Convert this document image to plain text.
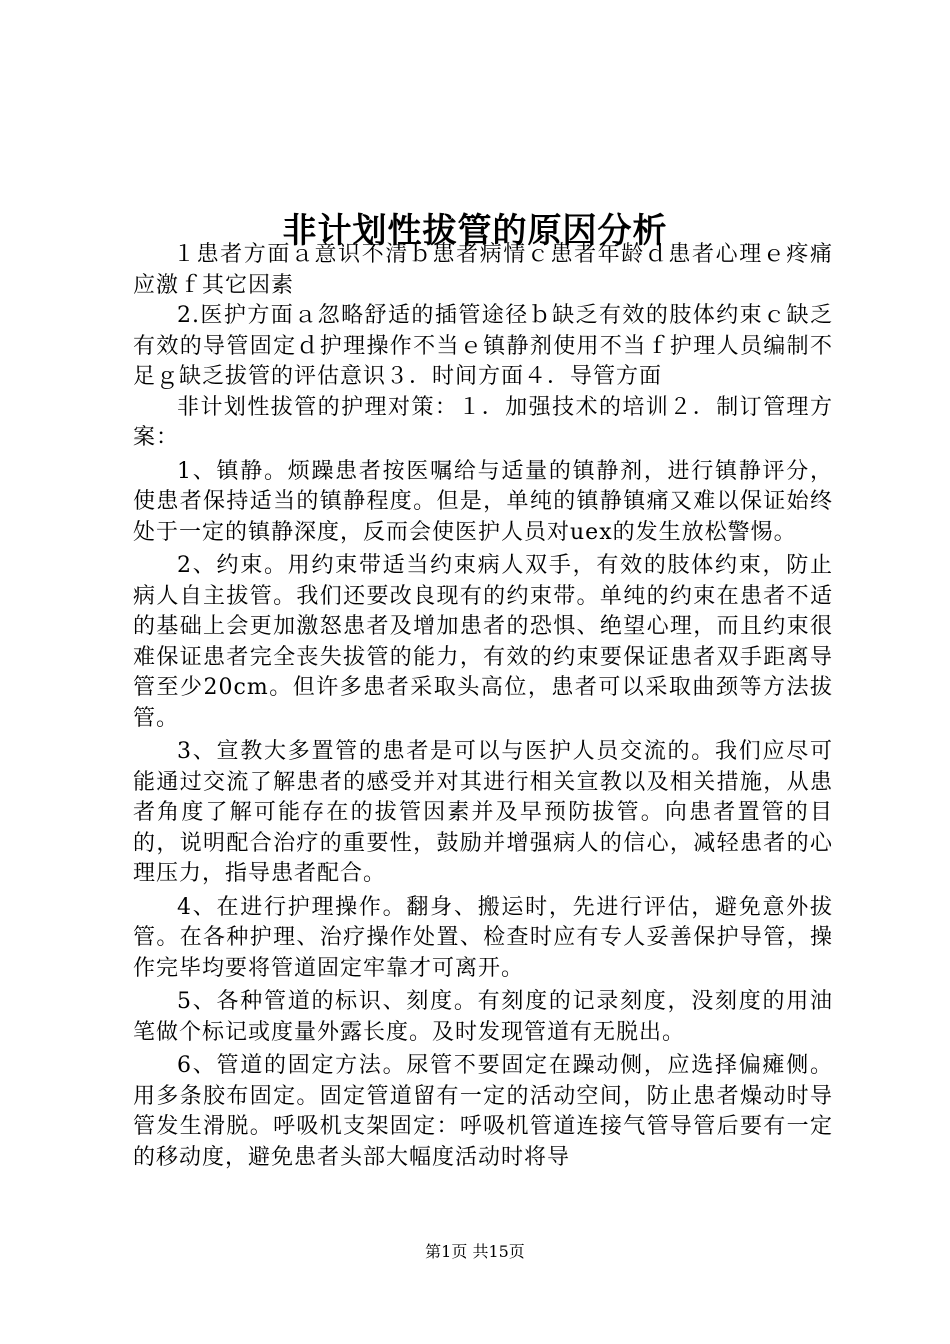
非计划性拔管的原因分析

１患者方面ａ意识不清ｂ患者病情ｃ患者年龄ｄ患者心理ｅ疼痛应激ｆ其它因素

2.医护方面ａ忽略舒适的插管途径ｂ缺乏有效的肢体约束ｃ缺乏有效的导管固定ｄ护理操作不当ｅ镇静剂使用不当ｆ护理人员编制不足ｇ缺乏拔管的评估意识３．时间方面４．导管方面

非计划性拔管的护理对策：１．加强技术的培训２．制订管理方案：

1、镇静。烦躁患者按医嘱给与适量的镇静剂，进行镇静评分，使患者保持适当的镇静程度。但是，单纯的镇静镇痛又难以保证始终处于一定的镇静深度，反而会使医护人员对uex的发生放松警惕。

2、约束。用约束带适当约束病人双手，有效的肢体约束，防止病人自主拔管。我们还要改良现有的约束带。单纯的约束在患者不适的基础上会更加激怒患者及增加患者的恐惧、绝望心理，而且约束很难保证患者完全丧失拔管的能力，有效的约束要保证患者双手距离导管至少20cm。但许多患者采取头高位，患者可以采取曲颈等方法拔管。

3、宣教大多置管的患者是可以与医护人员交流的。我们应尽可能通过交流了解患者的感受并对其进行相关宣教以及相关措施，从患者角度了解可能存在的拔管因素并及早预防拔管。向患者置管的目的，说明配合治疗的重要性，鼓励并增强病人的信心，减轻患者的心理压力，指导患者配合。

4、在进行护理操作。翻身、搬运时，先进行评估，避免意外拔管。在各种护理、治疗操作处置、检查时应有专人妥善保护导管，操作完毕均要将管道固定牢靠才可离开。

5、各种管道的标识、刻度。有刻度的记录刻度，没刻度的用油笔做个标记或度量外露长度。及时发现管道有无脱出。

6、管道的固定方法。尿管不要固定在躁动侧，应选择偏瘫侧。用多条胶布固定。固定管道留有一定的活动空间，防止患者燥动时导管发生滑脱。呼吸机支架固定：呼吸机管道连接气管导管后要有一定的移动度，避免患者头部大幅度活动时将导

第1页 共15页
